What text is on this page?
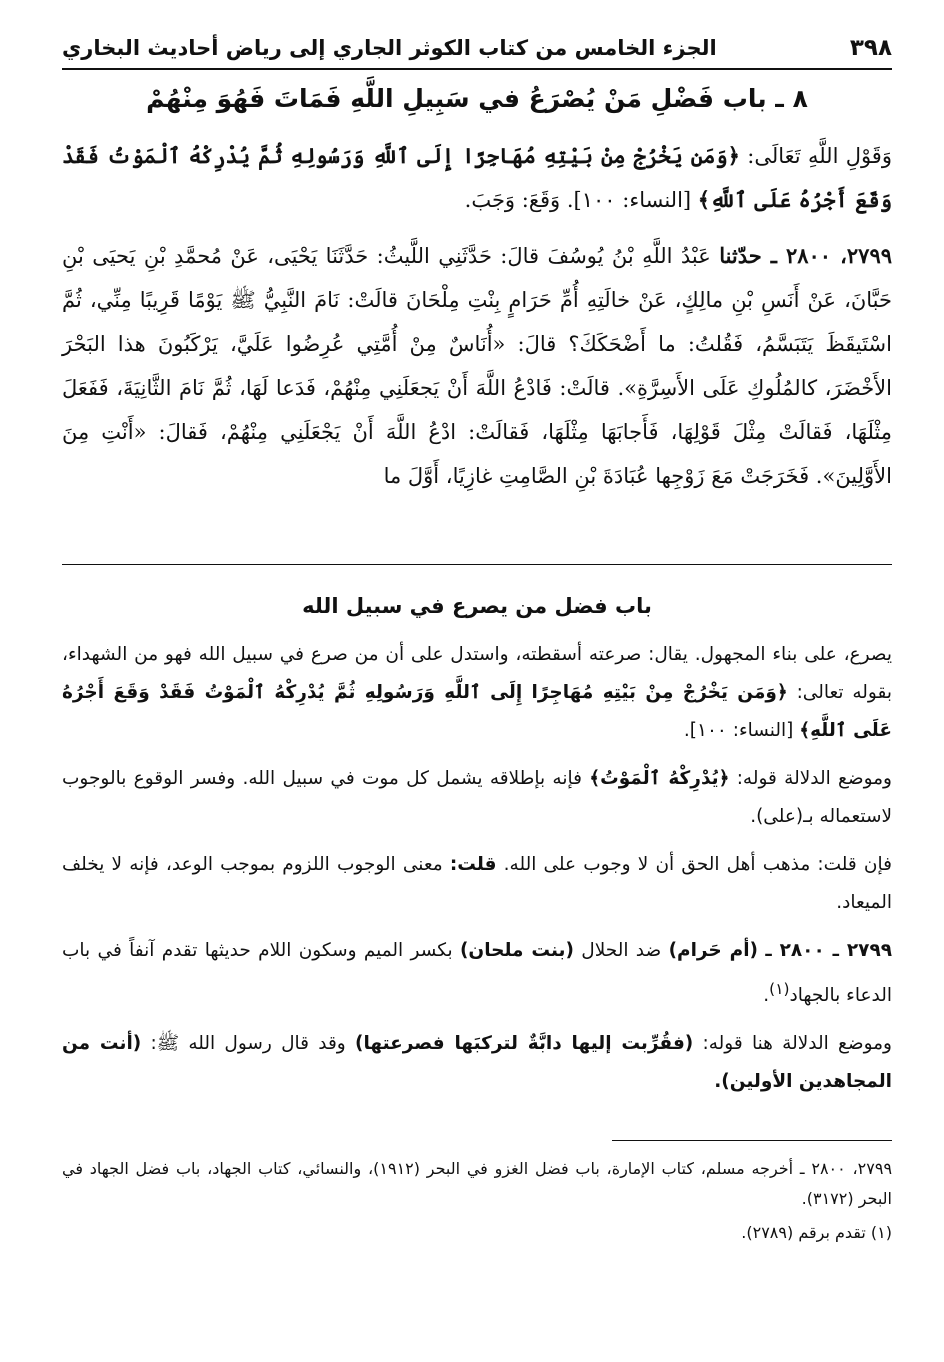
٣٩٨
الجزء الخامس من كتاب الكوثر الجاري إلى رياض أحاديث البخاري
٨ ـ باب فَضْلِ مَنْ يُصْرَعُ في سَبِيلِ اللَّهِ فَمَاتَ فَهُوَ مِنْهُمْ
وَقَوْلِ اللَّهِ تَعَالَى: ﴿وَمَن يَخْرُجْ مِنْ بَيْتِهِ مُهَاجِرًا إِلَى ٱللَّهِ وَرَسُولِهِ ثُمَّ يُدْرِكْهُ ٱلْمَوْتُ فَقَدْ وَقَعَ أَجْرُهُ عَلَى ٱللَّهِ﴾ [النساء: ١٠٠]. وَقَعَ: وَجَبَ.
٢٧٩٩، ٢٨٠٠ ـ حدّثنا عَبْدُ اللَّهِ بْنُ يُوسُفَ قالَ: حَدَّثَنِي اللَّيثُ: حَدَّثَنَا يَحْيَى، عَنْ مُحمَّدِ بْنِ يَحيَى بْنِ حَبَّانَ، عَنْ أَنَسِ بْنِ مالِكٍ، عَنْ خالَتِهِ أُمِّ حَرَامٍ بِنْتِ مِلْحَانَ قالَتْ: نَامَ النَّبِيُّ ﷺ يَوْمًا قَرِيبًا مِنِّي، ثُمَّ اسْتَيقَظَ يَتَبَسَّمُ، فَقُلتُ: ما أَضْحَكَكَ؟ قالَ: «أُنَاسٌ مِنْ أُمَّتِي عُرِضُوا عَلَيَّ، يَرْكَبُونَ هذا البَحْرَ الأَخْضَرَ، كالمُلُوكِ عَلَى الأَسِرَّةِ». قالَتْ: فَادْعُ اللَّهَ أَنْ يَجعَلَنِي مِنْهُمْ، فَدَعا لَهَا، ثُمَّ نَامَ الثَّانِيَةَ، فَفَعَلَ مِثْلَهَا، فَقالَتْ مِثْلَ قَوْلِهَا، فَأَجابَهَا مِثْلَهَا، فَقالَتْ: ادْعُ اللَّهَ أَنْ يَجْعَلَنِي مِنْهُمْ، فَقالَ: «أَنْتِ مِنَ الأَوَّلِينَ». فَخَرَجَتْ مَعَ زَوْجِها عُبَادَةَ بْنِ الصَّامِتِ غازِيًا، أَوَّلَ ما
باب فضل من يصرع في سبيل الله

يصرع، على بناء المجهول. يقال: صرعته أسقطته، واستدل على أن من صرع في سبيل الله فهو من الشهداء، بقوله تعالى: ﴿وَمَن يَخْرُجْ مِنْ بَيْتِهِ مُهَاجِرًا إِلَى ٱللَّهِ وَرَسُولِهِ ثُمَّ يُدْرِكْهُ ٱلْمَوْتُ فَقَدْ وَقَعَ أَجْرُهُ عَلَى ٱللَّهِ﴾ [النساء: ١٠٠].

وموضع الدلالة قوله: ﴿يُدْرِكْهُ ٱلْمَوْتُ﴾ فإنه بإطلاقه يشمل كل موت في سبيل الله. وفسر الوقوع بالوجوب لاستعماله بـ(على).

فإن قلت: مذهب أهل الحق أن لا وجوب على الله. قلت: معنى الوجوب اللزوم بموجب الوعد، فإنه لا يخلف الميعاد.

٢٧٩٩ ـ ٢٨٠٠ ـ (أم حَرام) ضد الحلال (بنت ملحان) بكسر الميم وسكون اللام حديثها تقدم آنفاً في باب الدعاء بالجهاد$^{(١)}$.

وموضع الدلالة هنا قوله: (فقُرِّبت إليها دابَّةٌ لتركبَها فصرعتها) وقد قال رسول الله ﷺ: (أنت من المجاهدين الأولين).

٢٧٩٩، ٢٨٠٠ ـ أخرجه مسلم، كتاب الإمارة، باب فضل الغزو في البحر (١٩١٢)، والنسائي، كتاب الجهاد، باب فضل الجهاد في البحر (٣١٧٢).

(١) تقدم برقم (٢٧٨٩).
